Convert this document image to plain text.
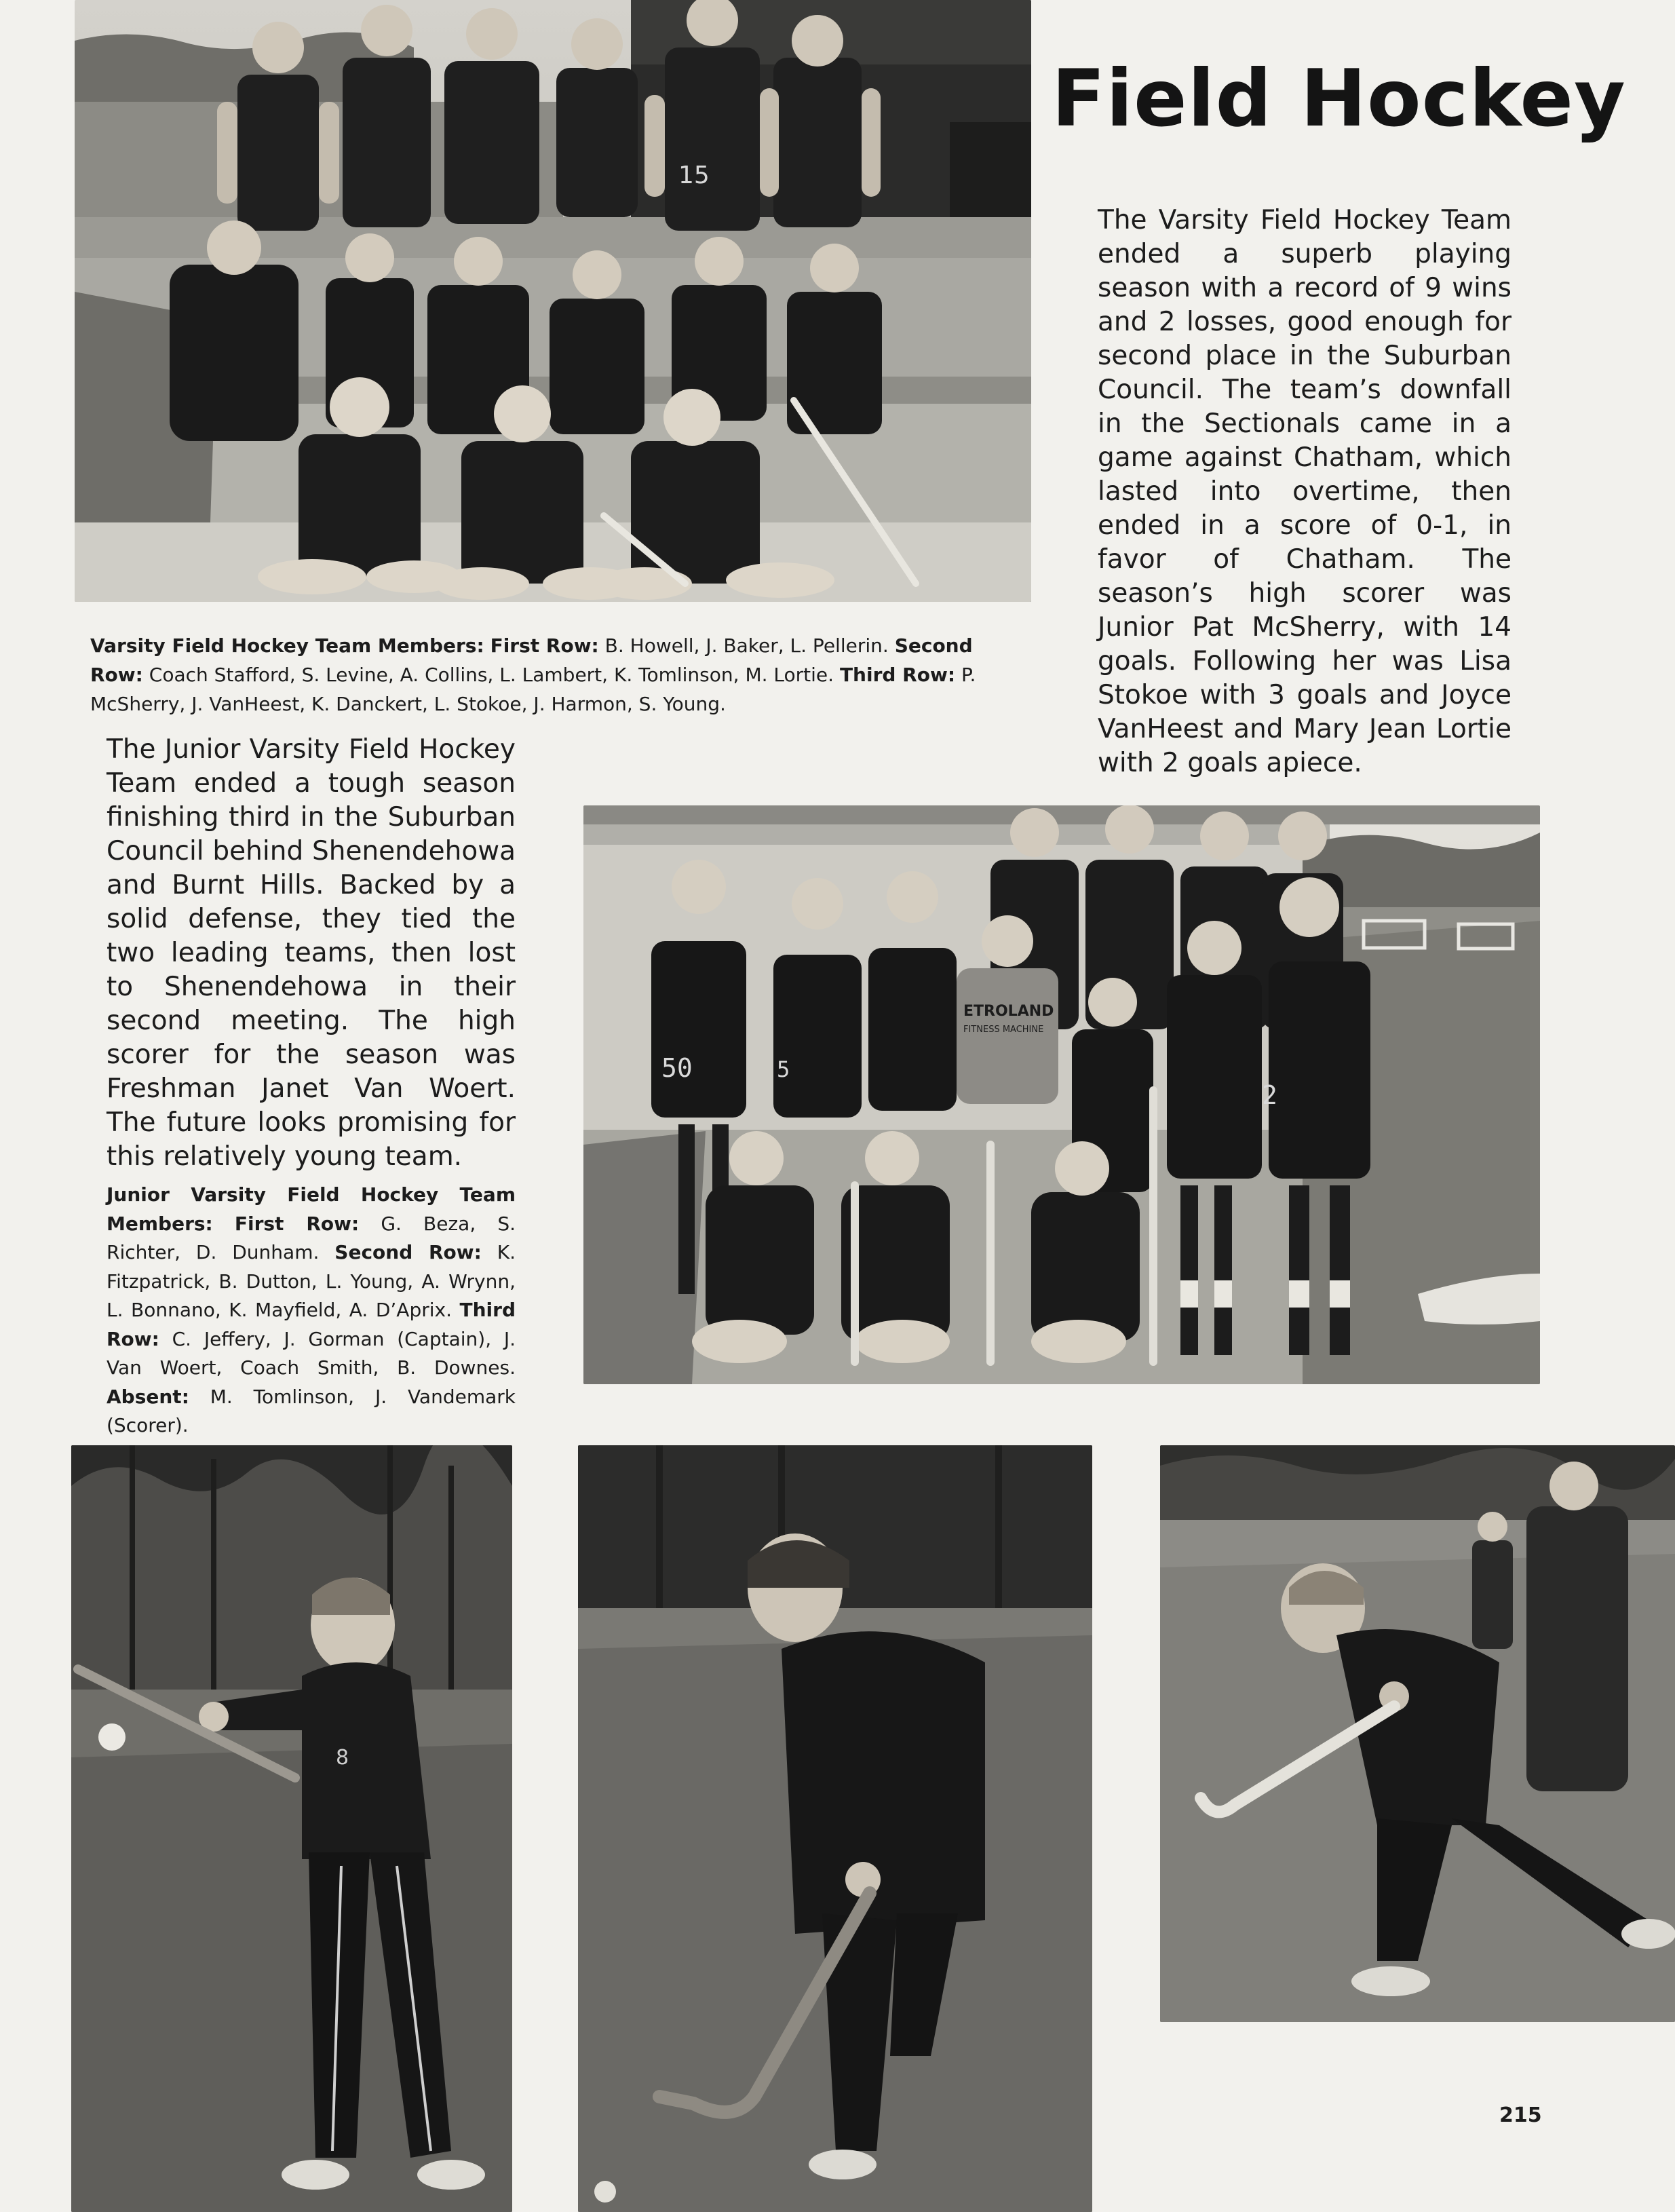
15
Field Hockey

The Varsity Field Hockey Team ended a superb playing season with a record of 9 wins and 2 losses, good enough for second place in the Suburban Council. The team’s downfall in the Sectionals came in a game against Chatham, which lasted into overtime, then ended in a score of 0-1, in favor of Chatham. The season’s high scorer was Junior Pat McSherry, with 14 goals. Following her was Lisa Stokoe with 3 goals and Joyce VanHeest and Mary Jean Lortie with 2 goals apiece.

Varsity Field Hockey Team Members: First Row: B. Howell, J. Baker, L. Pellerin. Second Row: Coach Stafford, S. Levine, A. Collins, L. Lambert, K. Tomlinson, M. Lortie. Third Row: P. McSherry, J. VanHeest, K. Danckert, L. Stokoe, J. Harmon, S. Young.

The Junior Varsity Field Hockey Team ended a tough season finishing third in the Suburban Council behind Shenendehowa and Burnt Hills. Backed by a solid defense, they tied the two leading teams, then lost to Shenendehowa in their second meeting. The high scorer for the season was Freshman Janet Van Woert. The future looks promising for this relatively young team.

Junior Varsity Field Hockey Team Members: First Row: G. Beza, S. Richter, D. Dunham. Second Row: K. Fitzpatrick, B. Dutton, L. Young, A. Wrynn, L. Bonnano, K. Mayfield, A. D’Aprix. Third Row: C. Jeffery, J. Gorman (Captain), J. Van Woert, Coach Smith, B. Downes. Absent: M. Tomlinson, J. Vandemark (Scorer).

50	5
2
ETROLAND
FITNESS MACHINE
8

215
